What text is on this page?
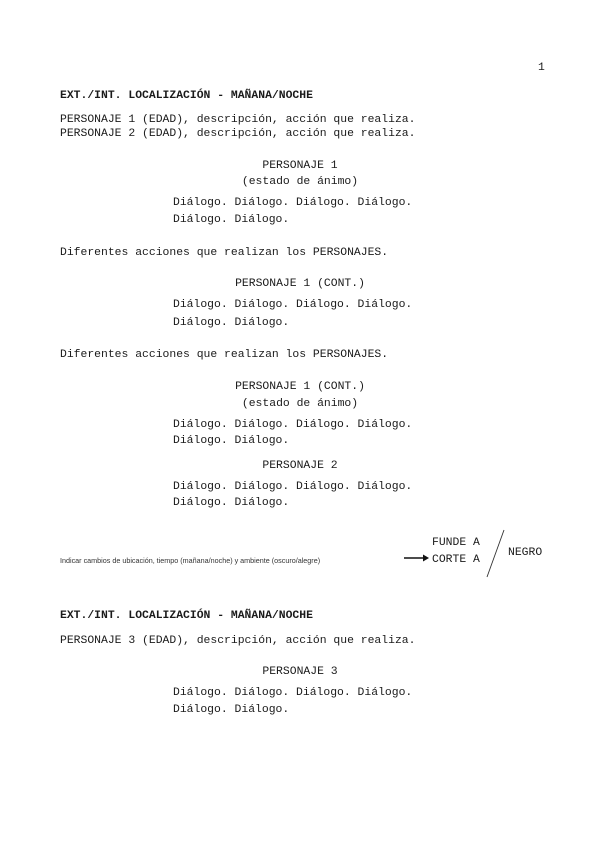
1
EXT./INT. LOCALIZACIÓN - MAÑANA/NOCHE
PERSONAJE 1 (EDAD), descripción, acción que realiza.
PERSONAJE 2 (EDAD), descripción, acción que realiza.
PERSONAJE 1
(estado de ánimo)
Diálogo. Diálogo. Diálogo. Diálogo.
Diálogo. Diálogo.
Diferentes acciones que realizan los PERSONAJES.
PERSONAJE 1 (CONT.)
Diálogo. Diálogo. Diálogo. Diálogo.
Diálogo. Diálogo.
Diferentes acciones que realizan los PERSONAJES.
PERSONAJE 1 (CONT.)
(estado de ánimo)
Diálogo. Diálogo. Diálogo. Diálogo.
Diálogo. Diálogo.
PERSONAJE 2
Diálogo. Diálogo. Diálogo. Diálogo.
Diálogo. Diálogo.
Indicar cambios de ubicación, tiempo (mañana/noche) y ambiente (oscuro/alegre)
FUNDE A
CORTE A
NEGRO
EXT./INT. LOCALIZACIÓN - MAÑANA/NOCHE
PERSONAJE 3 (EDAD), descripción, acción que realiza.
PERSONAJE 3
Diálogo. Diálogo. Diálogo. Diálogo.
Diálogo. Diálogo.
